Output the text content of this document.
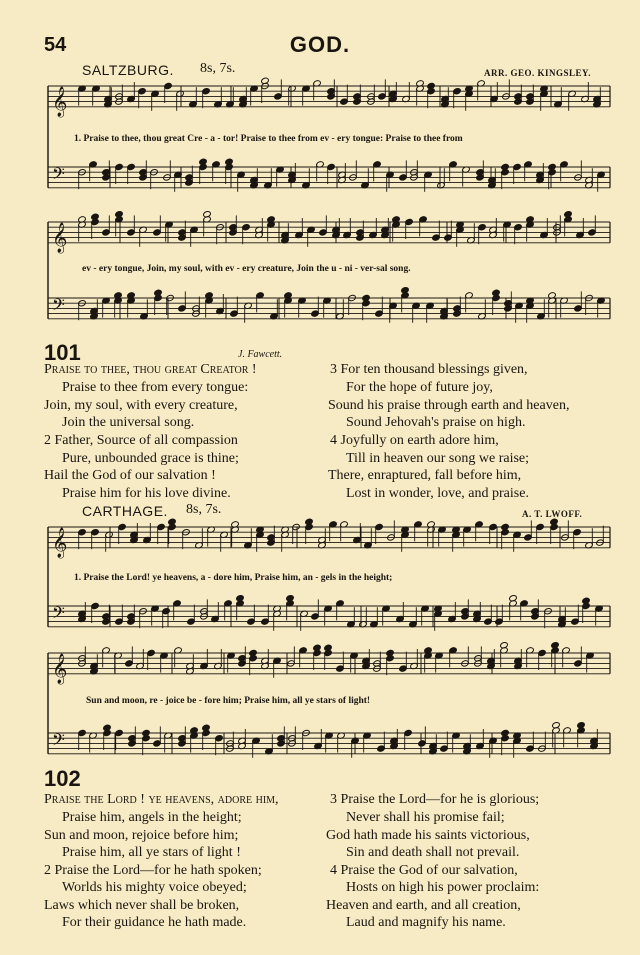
54	GOD.
SALTZBURG. 8s, 7s.	ARR. GEO. KINGSLEY.
𝄞
𝄢
𝄞
𝄢
𝄞
𝄢
𝄞
𝄢
1. Praise to thee, thou great Cre - a - tor! Praise to thee from ev - ery tongue: Praise to thee from
ev - ery tongue, Join, my soul, with ev - ery creature, Join the u - ni - ver-sal song.
101	J. Fawcett.
Praise to thee, thou great Creator !
Praise to thee from every tongue:
Join, my soul, with every creature,
Join the universal song.
2 Father, Source of all compassion
Pure, unbounded grace is thine;
Hail the God of our salvation !
Praise him for his love divine.
3 For ten thousand blessings given,
For the hope of future joy,
Sound his praise through earth and heaven,
Sound Jehovah's praise on high.
4 Joyfully on earth adore him,
Till in heaven our song we raise;
There, enraptured, fall before him,
Lost in wonder, love, and praise.
CARTHAGE. 8s, 7s.	A. T. LWOFF.
1. Praise the Lord! ye heavens, a - dore him, Praise him, an - gels in the height;
Sun and moon, re - joice be - fore him; Praise him, all ye stars of light!
102
Praise the Lord ! ye heavens, adore him,
Praise him, angels in the height;
Sun and moon, rejoice before him;
Praise him, all ye stars of light !
2 Praise the Lord—for he hath spoken;
Worlds his mighty voice obeyed;
Laws which never shall be broken,
For their guidance he hath made.
3 Praise the Lord—for he is glorious;
Never shall his promise fail;
God hath made his saints victorious,
Sin and death shall not prevail.
4 Praise the God of our salvation,
Hosts on high his power proclaim:
Heaven and earth, and all creation,
Laud and magnify his name.
